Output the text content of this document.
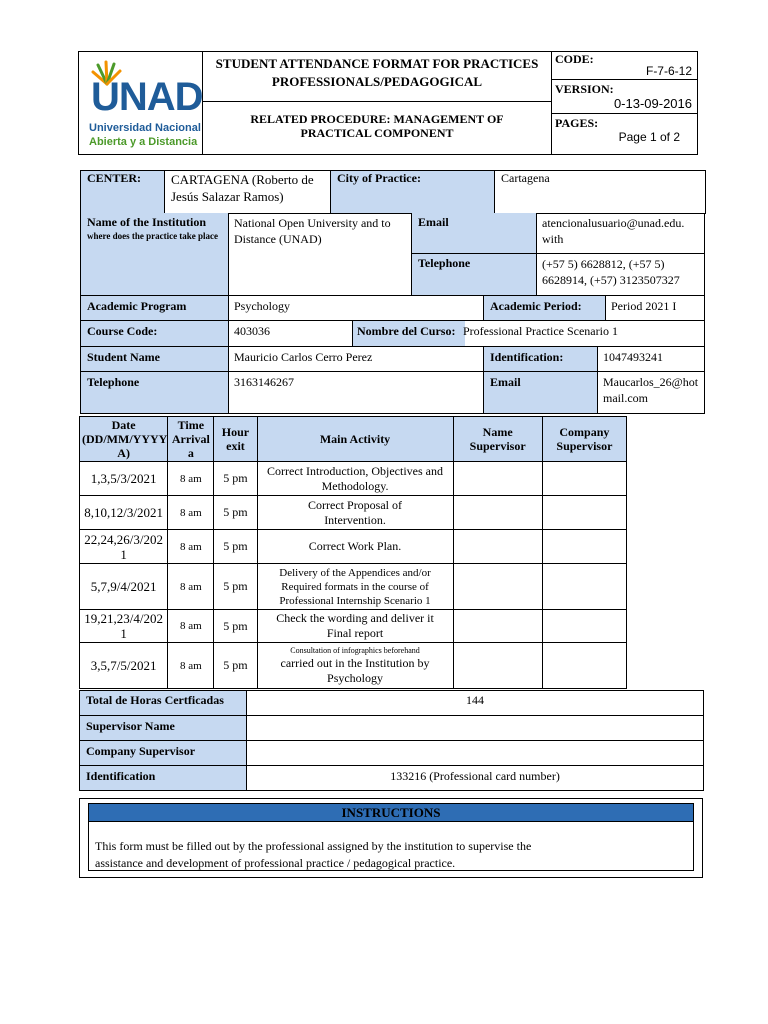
UNAD
Universidad Nacional
Abierta y a Distancia
STUDENT ATTENDANCE FORMAT FOR PRACTICES
PROFESSIONALS/PEDAGOGICAL
RELATED PROCEDURE: MANAGEMENT OF
PRACTICAL COMPONENT
CODE:
F-7-6-12
VERSION:
0-13-09-2016
PAGES:
Page 1 of 2
CENTER:	CARTAGENA (Roberto de Jesús Salazar Ramos)	City of Practice:	Cartagena
Name of the Institution
where does the practice take place
National Open University and to Distance (UNAD)
Email	atencionalusuario@unad.edu. with
Telephone	(+57 5) 6628812, (+57 5) 6628914, (+57) 3123507327
Academic Program	Psychology	Academic Period:	Period 2021 I
Course Code:	403036	Nombre del Curso: Professional Practice Scenario 1
Student Name	Mauricio Carlos Cerro Perez	Identification:	1047493241
Telephone	3163146267	Email	Maucarlos_26@hotmail.com
Date (DD/MM/YYYY A)	Time Arrival a	Hour exit	Main Activity	Name Supervisor	Company Supervisor
1,3,5/3/2021	8 am	5 pm	Correct Introduction, Objectives and Methodology.		
8,10,12/3/2021	8 am	5 pm	Correct Proposal of Intervention.		
22,24,26/3/2021	8 am	5 pm	Correct Work Plan.		
5,7,9/4/2021	8 am	5 pm	Delivery of the Appendices and/or Required formats in the course of Professional Internship Scenario 1		
19,21,23/4/2021	8 am	5 pm	Check the wording and deliver it Final report		
3,5,7/5/2021	8 am	5 pm	Consultation of infographics beforehand
carried out in the Institution by Psychology		

Total de Horas Certficadas	144
Supervisor Name	
Company Supervisor	
Identification	133216 (Professional card number)
INSTRUCTIONS
This form must be filled out by the professional assigned by the institution to supervise the
assistance and development of professional practice / pedagogical practice.
